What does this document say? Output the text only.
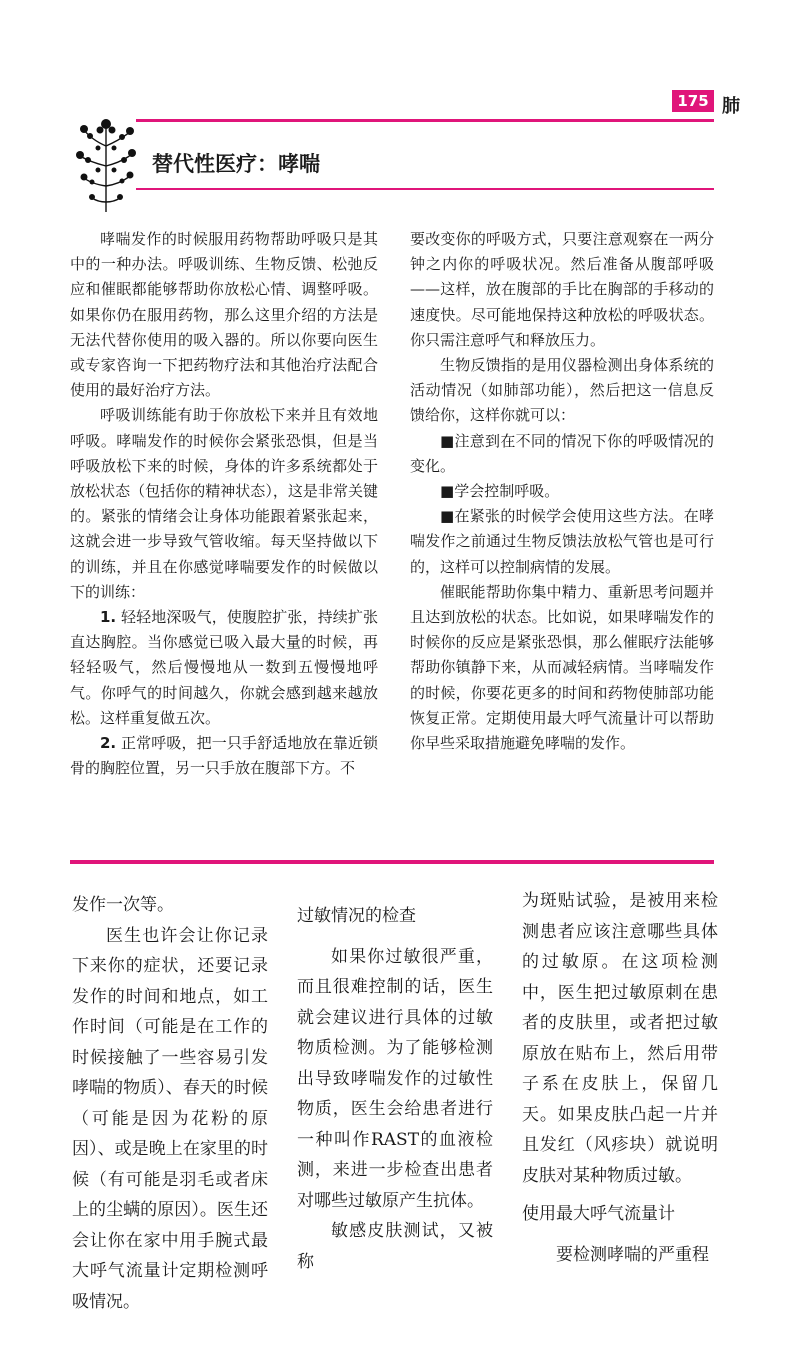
175 肺
替代性医疗：哮喘

哮喘发作的时候服用药物帮助呼吸只是其中的一种办法。呼吸训练、生物反馈、松弛反应和催眠都能够帮助你放松心情、调整呼吸。如果你仍在服用药物，那么这里介绍的方法是无法代替你使用的吸入器的。所以你要向医生或专家咨询一下把药物疗法和其他治疗法配合使用的最好治疗方法。

呼吸训练能有助于你放松下来并且有效地呼吸。哮喘发作的时候你会紧张恐惧，但是当呼吸放松下来的时候，身体的许多系统都处于放松状态（包括你的精神状态），这是非常关键的。紧张的情绪会让身体功能跟着紧张起来，这就会进一步导致气管收缩。每天坚持做以下的训练，并且在你感觉哮喘要发作的时候做以下的训练：

1. 轻轻地深吸气，使腹腔扩张，持续扩张直达胸腔。当你感觉已吸入最大量的时候，再轻轻吸气，然后慢慢地从一数到五慢慢地呼气。你呼气的时间越久，你就会感到越来越放松。这样重复做五次。

2. 正常呼吸，把一只手舒适地放在靠近锁骨的胸腔位置，另一只手放在腹部下方。不

要改变你的呼吸方式，只要注意观察在一两分钟之内你的呼吸状况。然后准备从腹部呼吸——这样，放在腹部的手比在胸部的手移动的速度快。尽可能地保持这种放松的呼吸状态。你只需注意呼气和释放压力。

生物反馈指的是用仪器检测出身体系统的活动情况（如肺部功能），然后把这一信息反馈给你，这样你就可以：

■注意到在不同的情况下你的呼吸情况的变化。

■学会控制呼吸。

■在紧张的时候学会使用这些方法。在哮喘发作之前通过生物反馈法放松气管也是可行的，这样可以控制病情的发展。

催眠能帮助你集中精力、重新思考问题并且达到放松的状态。比如说，如果哮喘发作的时候你的反应是紧张恐惧，那么催眠疗法能够帮助你镇静下来，从而减轻病情。当哮喘发作的时候，你要花更多的时间和药物使肺部功能恢复正常。定期使用最大呼气流量计可以帮助你早些采取措施避免哮喘的发作。

发作一次等。

医生也许会让你记录下来你的症状，还要记录发作的时间和地点，如工作时间（可能是在工作的时候接触了一些容易引发哮喘的物质）、春天的时候（可能是因为花粉的原因）、或是晚上在家里的时候（有可能是羽毛或者床上的尘螨的原因）。医生还会让你在家中用手腕式最大呼气流量计定期检测呼吸情况。

过敏情况的检查

如果你过敏很严重，而且很难控制的话，医生就会建议进行具体的过敏物质检测。为了能够检测出导致哮喘发作的过敏性物质，医生会给患者进行一种叫作RAST的血液检测，来进一步检查出患者对哪些过敏原产生抗体。

敏感皮肤测试，又被称

为斑贴试验，是被用来检测患者应该注意哪些具体的过敏原。在这项检测中，医生把过敏原刺在患者的皮肤里，或者把过敏原放在贴布上，然后用带子系在皮肤上，保留几天。如果皮肤凸起一片并且发红（风疹块）就说明皮肤对某种物质过敏。

使用最大呼气流量计

要检测哮喘的严重程
